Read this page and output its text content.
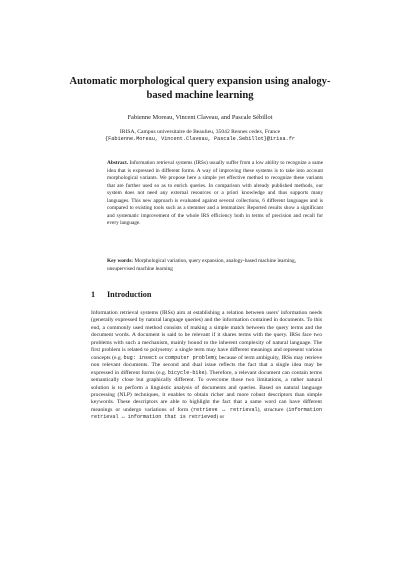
Automatic morphological query expansion using analogy-based machine learning

Fabienne Moreau, Vincent Claveau, and Pascale Sébillot

IRISA, Campus universitaire de Beaulieu, 35042 Rennes cedex, France
{Fabienne.Moreau, Vincent.Claveau, Pascale.Sebillot}@irisa.fr

Abstract. Information retrieval systems (IRSs) usually suffer from a low ability to recognize a same idea that is expressed in different forms. A way of improving these systems is to take into account morphological variants. We propose here a simple yet effective method to recognize these variants that are further used so as to enrich queries. In comparison with already published methods, our system does not need any external resources or a priori knowledge and thus supports many languages. This new approach is evaluated against several collections, 6 different languages and is compared to existing tools such as a stemmer and a lemmatizer. Reported results show a significant and systematic improvement of the whole IRS efficiency both in terms of precision and recall for every language.

Key words: Morphological variation, query expansion, analogy-based machine learning, unsupervised machine learning

1 Introduction

Information retrieval systems (IRSs) aim at establishing a relation between users' information needs (generally expressed by natural language queries) and the information contained in documents. To this end, a commonly used method consists of making a simple match between the query terms and the document words. A document is said to be relevant if it shares terms with the query. IRSs face two problems with such a mechanism, mainly bound to the inherent complexity of natural language. The first problem is related to polysemy: a single term may have different meanings and represent various concepts (e.g. bug: insect or computer problem); because of term ambiguity, IRSs may retrieve non relevant documents. The second and dual issue reflects the fact that a single idea may be expressed in different forms (e.g. bicycle-bike). Therefore, a relevant document can contain terms semantically close but graphically different. To overcome those two limitations, a rather natural solution is to perform a linguistic analysis of documents and queries. Based on natural language processing (NLP) techniques, it enables to obtain richer and more robust descriptors than simple keywords. These descriptors are able to highlight the fact that a same word can have different meanings or undergo variations of form (retrieve ↔ retrieval), structure (information retrieval ↔ information that is retrieved) or
